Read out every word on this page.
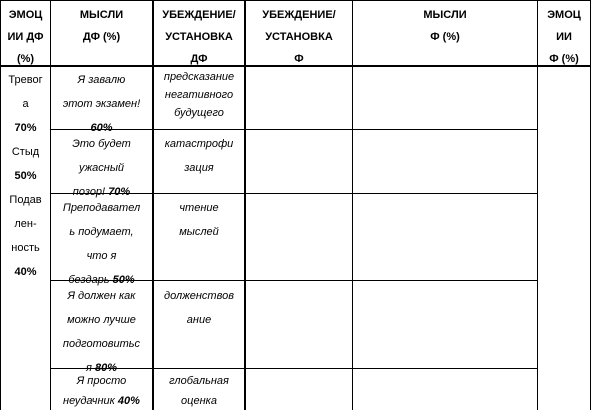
ЭМОЦ
ИИ ДФ
(%)
МЫСЛИ
ДФ (%)
УБЕЖДЕНИЕ/
УСТАНОВКА
ДФ
УБЕЖДЕНИЕ/
УСТАНОВКА
Ф
МЫСЛИ
Ф (%)
ЭМОЦ
ИИ
Ф (%)
Тревог
а
70%
Стыд
50%
Подав
лен-
ность
40%
Я завалю
этот экзамен!
60%
Это будет
ужасный
позор! 70%
Преподавател
ь подумает,
что я
бездарь 50%
Я должен как
можно лучше
подготовитьс
я 80%
Я просто
неудачник 40%
предсказание
негативного
будущего
катастрофи
зация
чтение
мыслей
долженствов
ание
глобальная
оценка
